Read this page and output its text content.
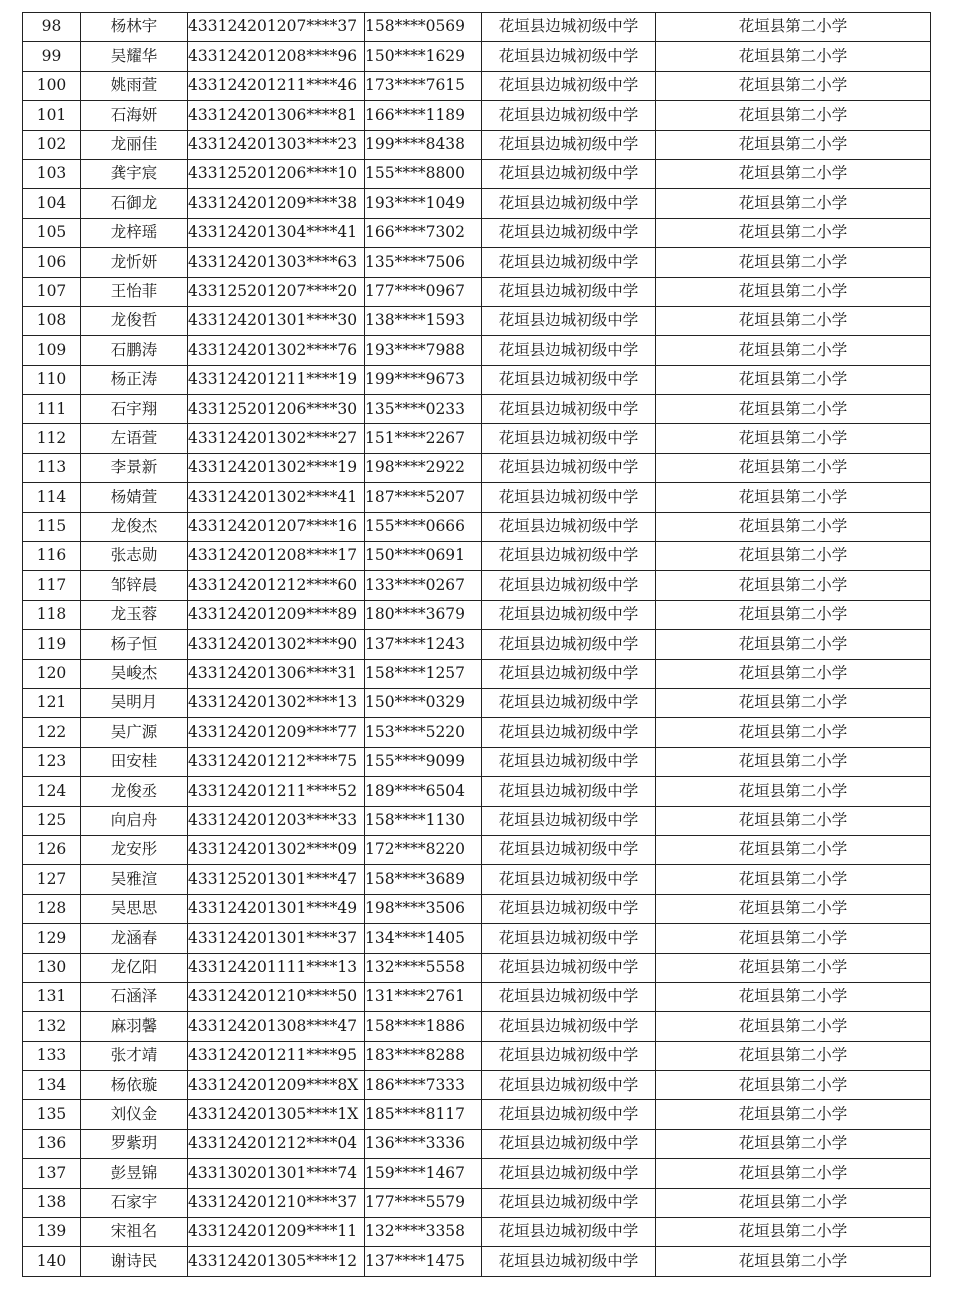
98	杨林宇	433124201207****37	158****0569	花垣县边城初级中学	花垣县第二小学
99	吴耀华	433124201208****96	150****1629	花垣县边城初级中学	花垣县第二小学
100	姚雨萱	433124201211****46	173****7615	花垣县边城初级中学	花垣县第二小学
101	石海妍	433124201306****81	166****1189	花垣县边城初级中学	花垣县第二小学
102	龙丽佳	433124201303****23	199****8438	花垣县边城初级中学	花垣县第二小学
103	龚宇宸	433125201206****10	155****8800	花垣县边城初级中学	花垣县第二小学
104	石御龙	433124201209****38	193****1049	花垣县边城初级中学	花垣县第二小学
105	龙梓瑶	433124201304****41	166****7302	花垣县边城初级中学	花垣县第二小学
106	龙忻妍	433124201303****63	135****7506	花垣县边城初级中学	花垣县第二小学
107	王怡菲	433125201207****20	177****0967	花垣县边城初级中学	花垣县第二小学
108	龙俊哲	433124201301****30	138****1593	花垣县边城初级中学	花垣县第二小学
109	石鹏涛	433124201302****76	193****7988	花垣县边城初级中学	花垣县第二小学
110	杨正涛	433124201211****19	199****9673	花垣县边城初级中学	花垣县第二小学
111	石宇翔	433125201206****30	135****0233	花垣县边城初级中学	花垣县第二小学
112	左语萱	433124201302****27	151****2267	花垣县边城初级中学	花垣县第二小学
113	李景新	433124201302****19	198****2922	花垣县边城初级中学	花垣县第二小学
114	杨婧萱	433124201302****41	187****5207	花垣县边城初级中学	花垣县第二小学
115	龙俊杰	433124201207****16	155****0666	花垣县边城初级中学	花垣县第二小学
116	张志勋	433124201208****17	150****0691	花垣县边城初级中学	花垣县第二小学
117	邹锌晨	433124201212****60	133****0267	花垣县边城初级中学	花垣县第二小学
118	龙玉蓉	433124201209****89	180****3679	花垣县边城初级中学	花垣县第二小学
119	杨子恒	433124201302****90	137****1243	花垣县边城初级中学	花垣县第二小学
120	吴峻杰	433124201306****31	158****1257	花垣县边城初级中学	花垣县第二小学
121	吴明月	433124201302****13	150****0329	花垣县边城初级中学	花垣县第二小学
122	吴广源	433124201209****77	153****5220	花垣县边城初级中学	花垣县第二小学
123	田安桂	433124201212****75	155****9099	花垣县边城初级中学	花垣县第二小学
124	龙俊丞	433124201211****52	189****6504	花垣县边城初级中学	花垣县第二小学
125	向启舟	433124201203****33	158****1130	花垣县边城初级中学	花垣县第二小学
126	龙安彤	433124201302****09	172****8220	花垣县边城初级中学	花垣县第二小学
127	吴雅渲	433125201301****47	158****3689	花垣县边城初级中学	花垣县第二小学
128	吴思思	433124201301****49	198****3506	花垣县边城初级中学	花垣县第二小学
129	龙涵春	433124201301****37	134****1405	花垣县边城初级中学	花垣县第二小学
130	龙亿阳	433124201111****13	132****5558	花垣县边城初级中学	花垣县第二小学
131	石涵泽	433124201210****50	131****2761	花垣县边城初级中学	花垣县第二小学
132	麻羽馨	433124201308****47	158****1886	花垣县边城初级中学	花垣县第二小学
133	张才靖	433124201211****95	183****8288	花垣县边城初级中学	花垣县第二小学
134	杨依璇	433124201209****8X	186****7333	花垣县边城初级中学	花垣县第二小学
135	刘仪金	433124201305****1X	185****8117	花垣县边城初级中学	花垣县第二小学
136	罗紫玥	433124201212****04	136****3336	花垣县边城初级中学	花垣县第二小学
137	彭昱锦	433130201301****74	159****1467	花垣县边城初级中学	花垣县第二小学
138	石家宇	433124201210****37	177****5579	花垣县边城初级中学	花垣县第二小学
139	宋祖名	433124201209****11	132****3358	花垣县边城初级中学	花垣县第二小学
140	谢诗民	433124201305****12	137****1475	花垣县边城初级中学	花垣县第二小学
